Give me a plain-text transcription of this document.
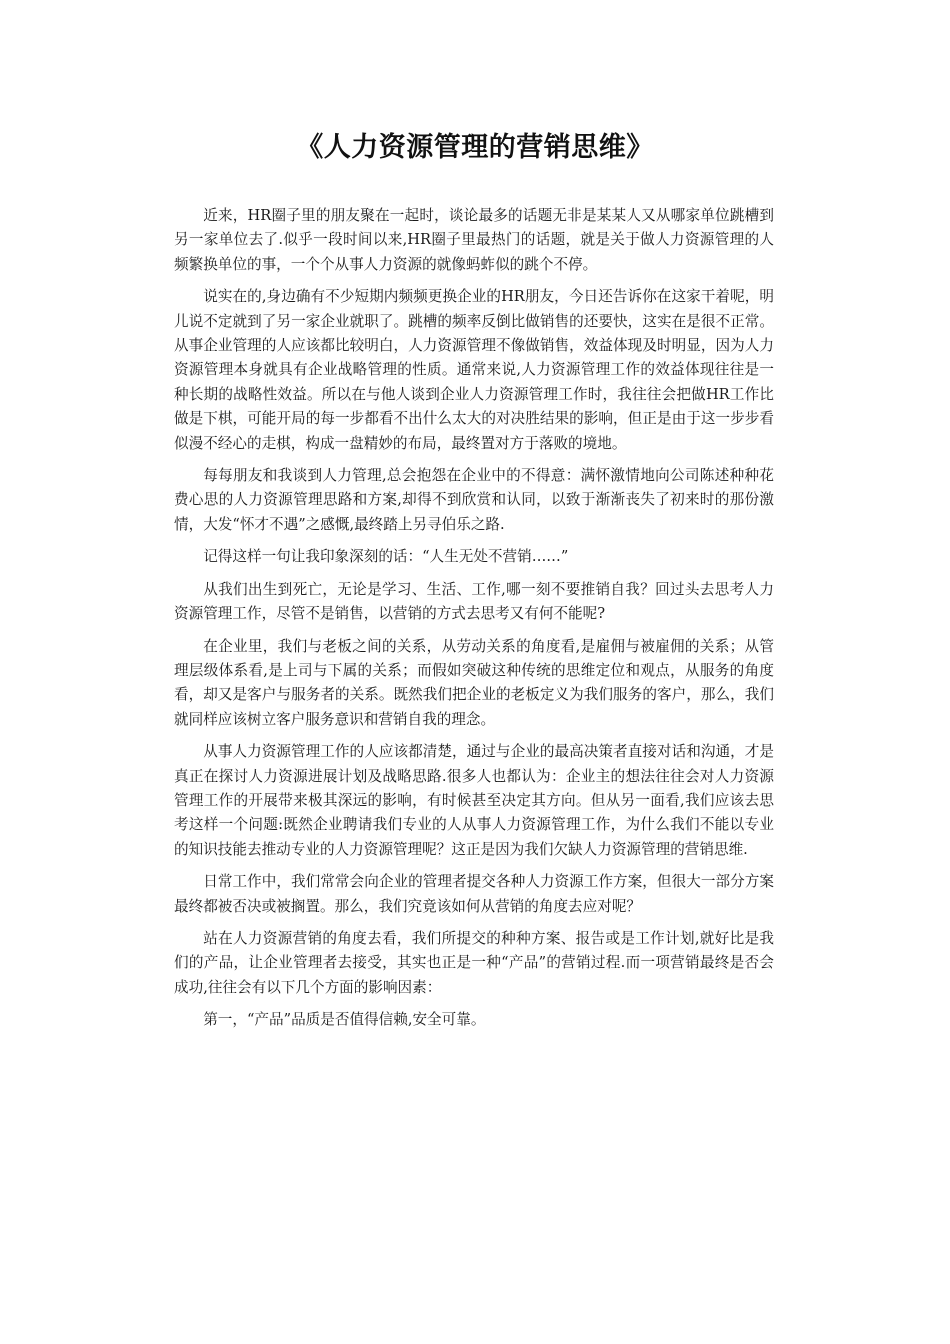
《人力资源管理的营销思维》

近来，HR圈子里的朋友聚在一起时，谈论最多的话题无非是某某人又从哪家单位跳槽到另一家单位去了.似乎一段时间以来,HR圈子里最热门的话题，就是关于做人力资源管理的人频繁换单位的事，一个个从事人力资源的就像蚂蚱似的跳个不停。

说实在的,身边确有不少短期内频频更换企业的HR朋友，今日还告诉你在这家干着呢，明儿说不定就到了另一家企业就职了。跳槽的频率反倒比做销售的还要快，这实在是很不正常。从事企业管理的人应该都比较明白，人力资源管理不像做销售，效益体现及时明显，因为人力资源管理本身就具有企业战略管理的性质。通常来说,人力资源管理工作的效益体现往往是一种长期的战略性效益。所以在与他人谈到企业人力资源管理工作时，我往往会把做HR工作比做是下棋，可能开局的每一步都看不出什么太大的对决胜结果的影响，但正是由于这一步步看似漫不经心的走棋，构成一盘精妙的布局，最终置对方于落败的境地。

每每朋友和我谈到人力管理,总会抱怨在企业中的不得意：满怀激情地向公司陈述种种花费心思的人力资源管理思路和方案,却得不到欣赏和认同，以致于渐渐丧失了初来时的那份激情，大发“怀才不遇”之感慨,最终踏上另寻伯乐之路.

记得这样一句让我印象深刻的话：“人生无处不营销……”

从我们出生到死亡，无论是学习、生活、工作,哪一刻不要推销自我？回过头去思考人力资源管理工作，尽管不是销售，以营销的方式去思考又有何不能呢?

在企业里，我们与老板之间的关系，从劳动关系的角度看,是雇佣与被雇佣的关系；从管理层级体系看,是上司与下属的关系；而假如突破这种传统的思维定位和观点，从服务的角度看，却又是客户与服务者的关系。既然我们把企业的老板定义为我们服务的客户，那么，我们就同样应该树立客户服务意识和营销自我的理念。

从事人力资源管理工作的人应该都清楚，通过与企业的最高决策者直接对话和沟通，才是真正在探讨人力资源进展计划及战略思路.很多人也都认为：企业主的想法往往会对人力资源管理工作的开展带来极其深远的影响，有时候甚至决定其方向。但从另一面看,我们应该去思考这样一个问题:既然企业聘请我们专业的人从事人力资源管理工作，为什么我们不能以专业的知识技能去推动专业的人力资源管理呢？这正是因为我们欠缺人力资源管理的营销思维.

日常工作中，我们常常会向企业的管理者提交各种人力资源工作方案，但很大一部分方案最终都被否决或被搁置。那么，我们究竟该如何从营销的角度去应对呢？

站在人力资源营销的角度去看，我们所提交的种种方案、报告或是工作计划,就好比是我们的产品，让企业管理者去接受，其实也正是一种“产品”的营销过程.而一项营销最终是否会成功,往往会有以下几个方面的影响因素：

第一，“产品”品质是否值得信赖,安全可靠。
